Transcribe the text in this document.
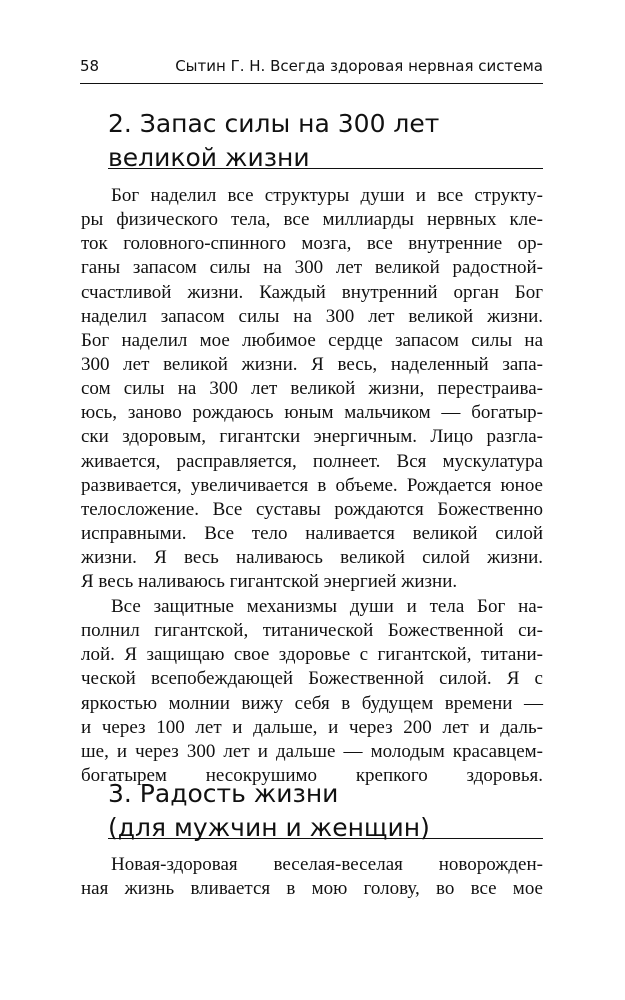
58	Сытин Г. Н. Всегда здоровая нервная система
2. Запас силы на 300 лет
великой жизни
Бог наделил все структуры души и все структу-
ры физического тела, все миллиарды нервных кле-
ток головного-спинного мозга, все внутренние ор-
ганы запасом силы на 300 лет великой радостной-
счастливой жизни. Каждый внутренний орган Бог
наделил запасом силы на 300 лет великой жизни.
Бог наделил мое любимое сердце запасом силы на
300 лет великой жизни. Я весь, наделенный запа-
сом силы на 300 лет великой жизни, перестраива-
юсь, заново рождаюсь юным мальчиком — богатыр-
ски здоровым, гигантски энергичным. Лицо разгла-
живается, расправляется, полнеет. Вся мускулатура
развивается, увеличивается в объеме. Рождается юное
телосложение. Все суставы рождаются Божественно
исправными. Все тело наливается великой силой
жизни. Я весь наливаюсь великой силой жизни.
Я весь наливаюсь гигантской энергией жизни.
Все защитные механизмы души и тела Бог на-
полнил гигантской, титанической Божественной си-
лой. Я защищаю свое здоровье с гигантской, титани-
ческой всепобеждающей Божественной силой. Я с
яркостью молнии вижу себя в будущем времени —
и через 100 лет и дальше, и через 200 лет и даль-
ше, и через 300 лет и дальше — молодым красавцем-
богатырем несокрушимо крепкого здоровья.
3. Радость жизни
(для мужчин и женщин)
Новая-здоровая веселая-веселая новорожден-
ная жизнь вливается в мою голову, во все мое
